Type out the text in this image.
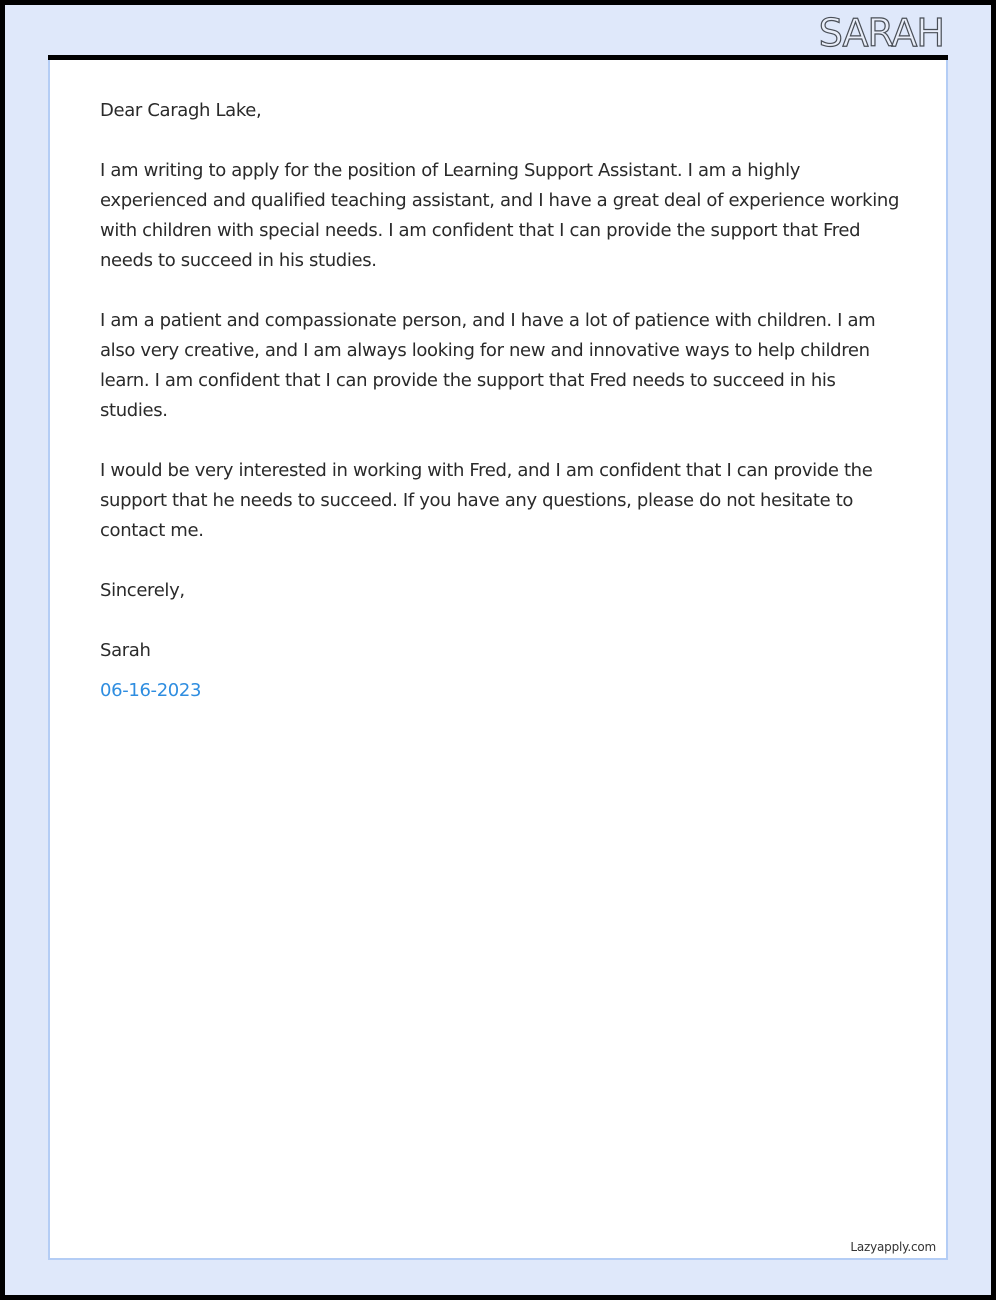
SARAH

Dear Caragh Lake,

I am writing to apply for the position of Learning Support Assistant. I am a highly experienced and qualified teaching assistant, and I have a great deal of experience working with children with special needs. I am confident that I can provide the support that Fred needs to succeed in his studies.

I am a patient and compassionate person, and I have a lot of patience with children. I am also very creative, and I am always looking for new and innovative ways to help children learn. I am confident that I can provide the support that Fred needs to succeed in his studies.

I would be very interested in working with Fred, and I am confident that I can provide the support that he needs to succeed. If you have any questions, please do not hesitate to contact me.

Sincerely,

Sarah

06-16-2023

Lazyapply.com
